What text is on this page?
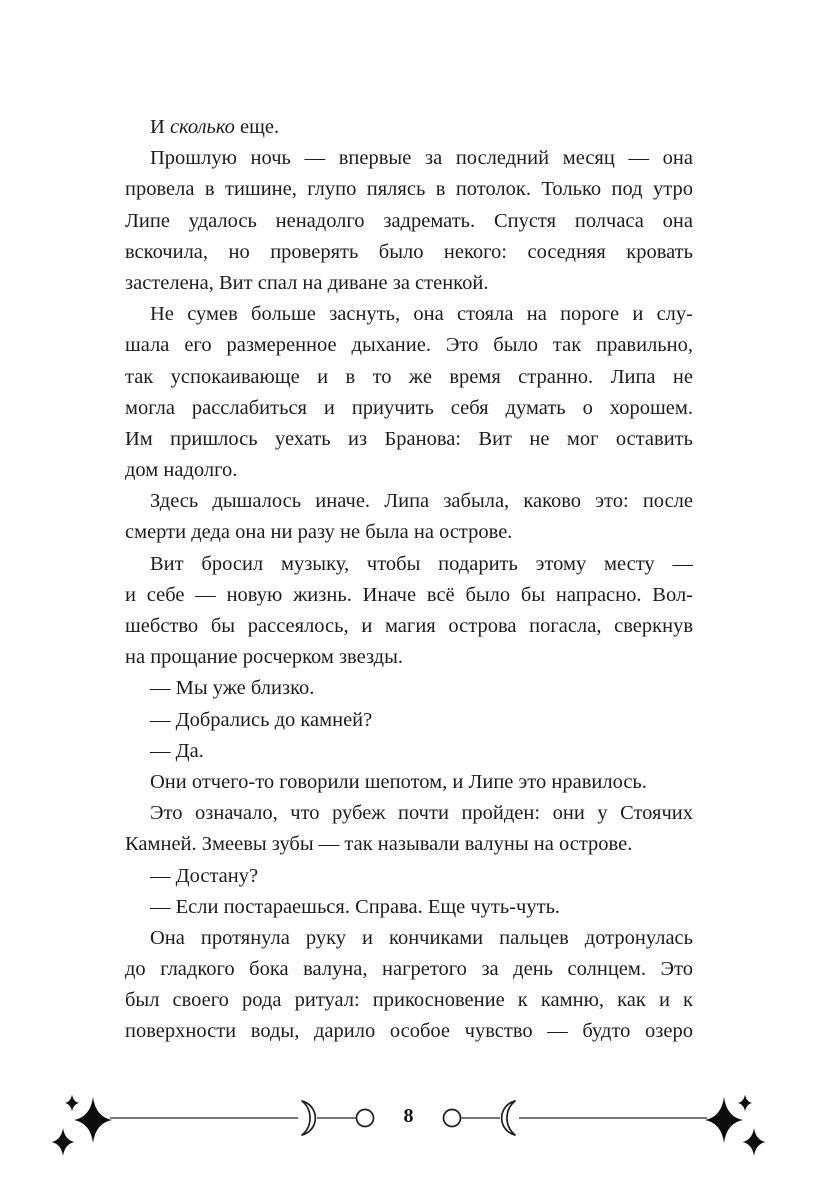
И сколько еще.
Прошлую ночь — впервые за последний месяц — она
провела в тишине, глупо пялясь в потолок. Только под утро
Липе удалось ненадолго задремать. Спустя полчаса она
вскочила, но проверять было некого: соседняя кровать
застелена, Вит спал на диване за стенкой.
Не сумев больше заснуть, она стояла на пороге и слу-
шала его размеренное дыхание. Это было так правильно,
так успокаивающе и в то же время странно. Липа не
могла расслабиться и приучить себя думать о хорошем.
Им пришлось уехать из Бранова: Вит не мог оставить
дом надолго.
Здесь дышалось иначе. Липа забыла, каково это: после
смерти деда она ни разу не была на острове.
Вит бросил музыку, чтобы подарить этому месту —
и себе — новую жизнь. Иначе всё было бы напрасно. Вол-
шебство бы рассеялось, и магия острова погасла, сверкнув
на прощание росчерком звезды.
— Мы уже близко.
— Добрались до камней?
— Да.
Они отчего-то говорили шепотом, и Липе это нравилось.
Это означало, что рубеж почти пройден: они у Стоячих
Камней. Змеевы зубы — так называли валуны на острове.
— Достану?
— Если постараешься. Справа. Еще чуть-чуть.
Она протянула руку и кончиками пальцев дотронулась
до гладкого бока валуна, нагретого за день солнцем. Это
был своего рода ритуал: прикосновение к камню, как и к
поверхности воды, дарило особое чувство — будто озеро
8
